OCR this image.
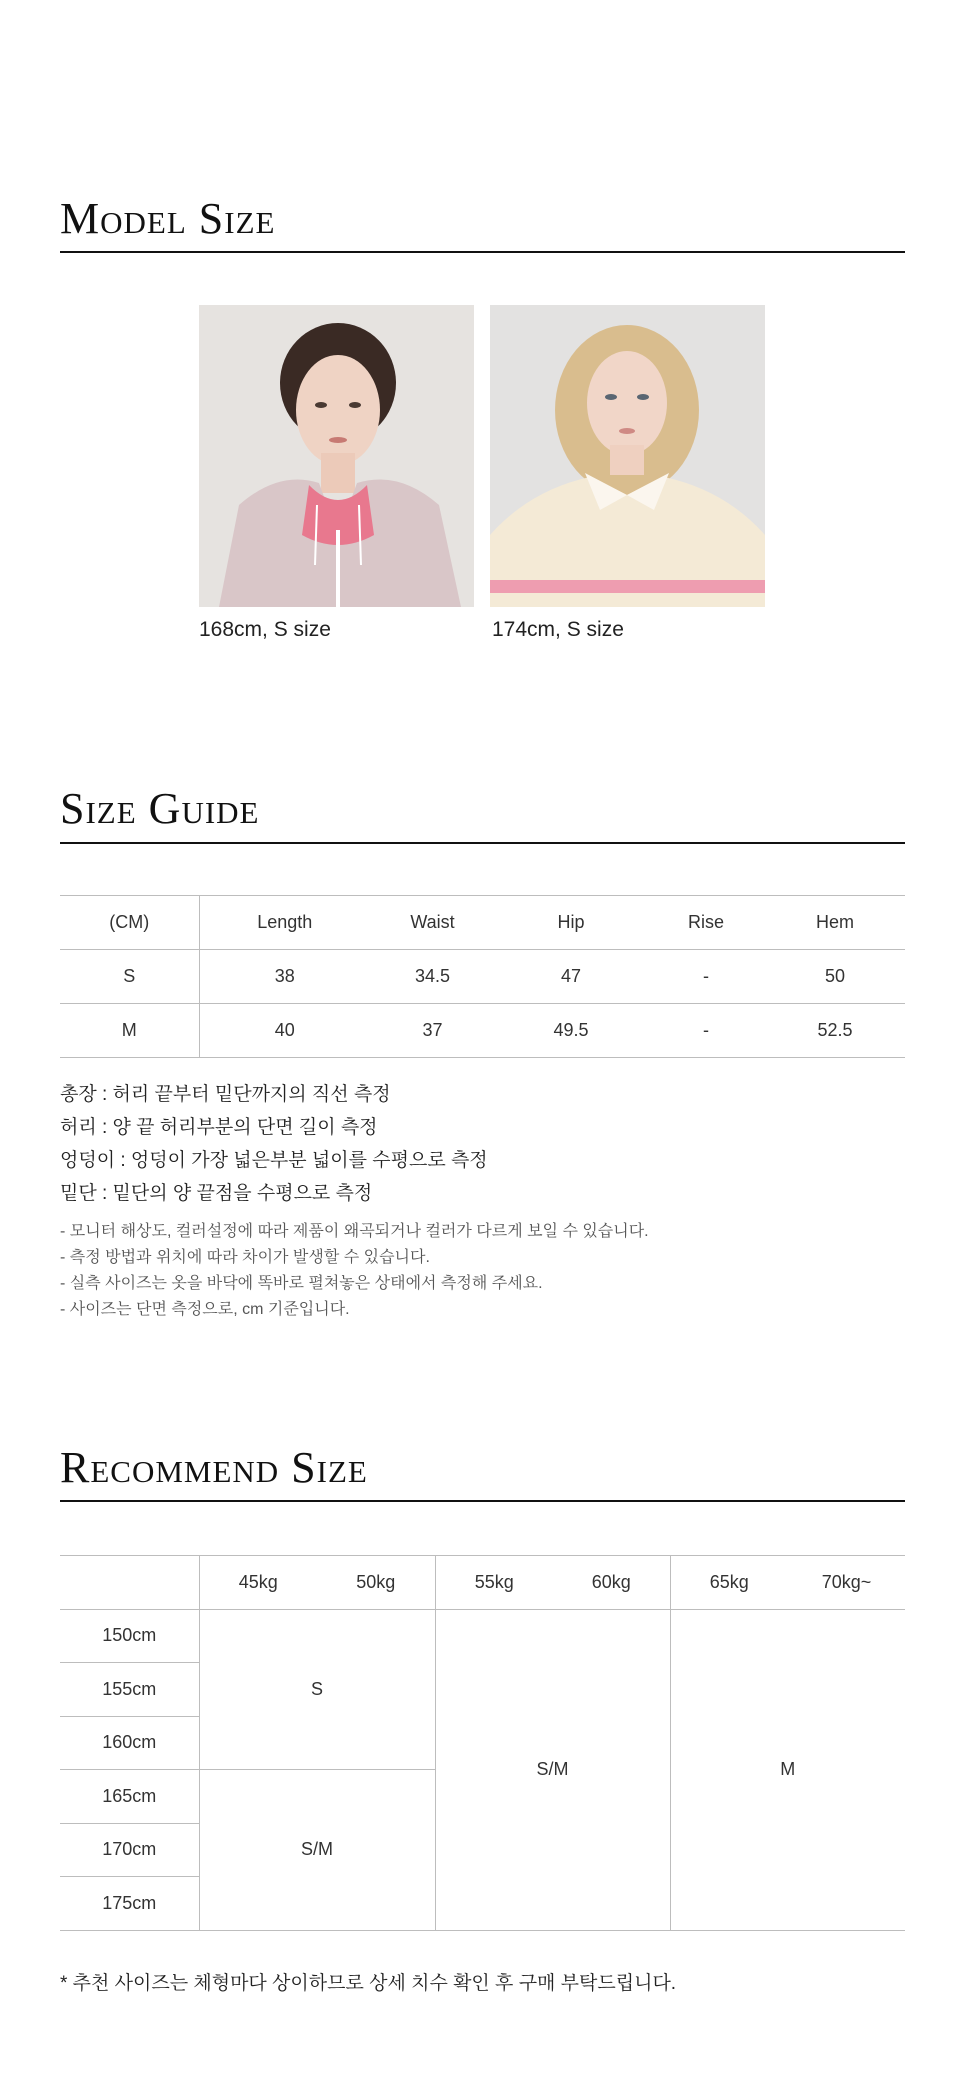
Model Size
168cm, S size	174cm, S size
Size Guide
(CM)	Length	Waist	Hip	Rise	Hem
S	38	34.5	47	-	50
M	40	37	49.5	-	52.5
총장 : 허리 끝부터 밑단까지의 직선 측정
허리 : 양 끝 허리부분의 단면 길이 측정
엉덩이 : 엉덩이 가장 넓은부분 넓이를 수평으로 측정
밑단 : 밑단의 양 끝점을 수평으로 측정
- 모니터 해상도, 컬러설정에 따라 제품이 왜곡되거나 컬러가 다르게 보일 수 있습니다.
- 측정 방법과 위치에 따라 차이가 발생할 수 있습니다.
- 실측 사이즈는 옷을 바닥에 똑바로 펼쳐놓은 상태에서 측정해 주세요.
- 사이즈는 단면 측정으로, cm 기준입니다.
Recommend Size
	45kg	50kg	55kg	60kg	65kg	70kg~
150cm	S		S/M		M	
155cm						
160cm						
165cm	S/M					
170cm						
175cm						
* 추천 사이즈는 체형마다 상이하므로 상세 치수 확인 후 구매 부탁드립니다.
